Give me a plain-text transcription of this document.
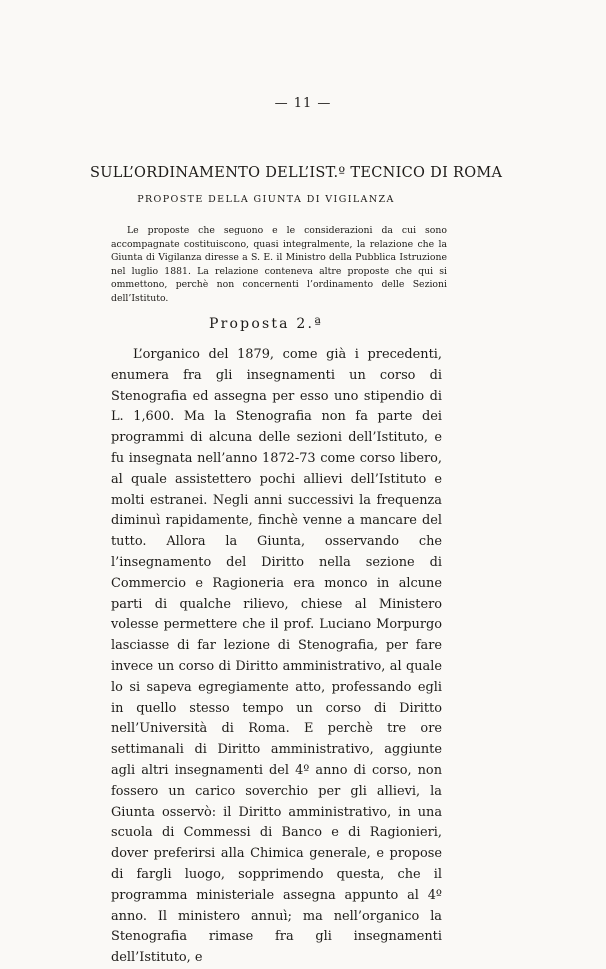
— 11 —
SULL’ORDINAMENTO DELL’IST.º TECNICO DI ROMA
PROPOSTE DELLA GIUNTA DI VIGILANZA

Le proposte che seguono e le considerazioni da cui sono accompagnate costituiscono, quasi integralmente, la relazione che la Giunta di Vigilanza diresse a S. E. il Ministro della Pubblica Istruzione nel luglio 1881. La relazione conteneva altre proposte che qui si ommettono, perchè non concernenti l’ordinamento delle Sezioni dell’Istituto.

Proposta 2.ª

L’organico del 1879, come già i precedenti, enumera fra gli insegnamenti un corso di Stenografia ed assegna per esso uno stipendio di L. 1,600. Ma la Stenografia non fa parte dei programmi di alcuna delle sezioni dell’Istituto, e fu insegnata nell’anno 1872-73 come corso libero, al quale assistettero pochi allievi dell’Istituto e molti estranei. Negli anni successivi la frequenza diminuì rapidamente, finchè venne a mancare del tutto. Allora la Giunta, osservando che l’insegnamento del Diritto nella sezione di Commercio e Ragioneria era monco in alcune parti di qualche rilievo, chiese al Ministero volesse permettere che il prof. Luciano Morpurgo lasciasse di far lezione di Stenografia, per fare invece un corso di Diritto amministrativo, al quale lo si sapeva egregiamente atto, professando egli in quello stesso tempo un corso di Diritto nell’Università di Roma. E perchè tre ore settimanali di Diritto amministrativo, aggiunte agli altri insegnamenti del 4º anno di corso, non fossero un carico soverchio per gli allievi, la Giunta osservò: il Diritto amministrativo, in una scuola di Commessi di Banco e di Ragionieri, dover preferirsi alla Chimica generale, e propose di fargli luogo, sopprimendo questa, che il programma ministeriale assegna appunto al 4º anno. Il ministero annuì; ma nell’organico la Stenografia rimase fra gli insegnamenti dell’Istituto, e
